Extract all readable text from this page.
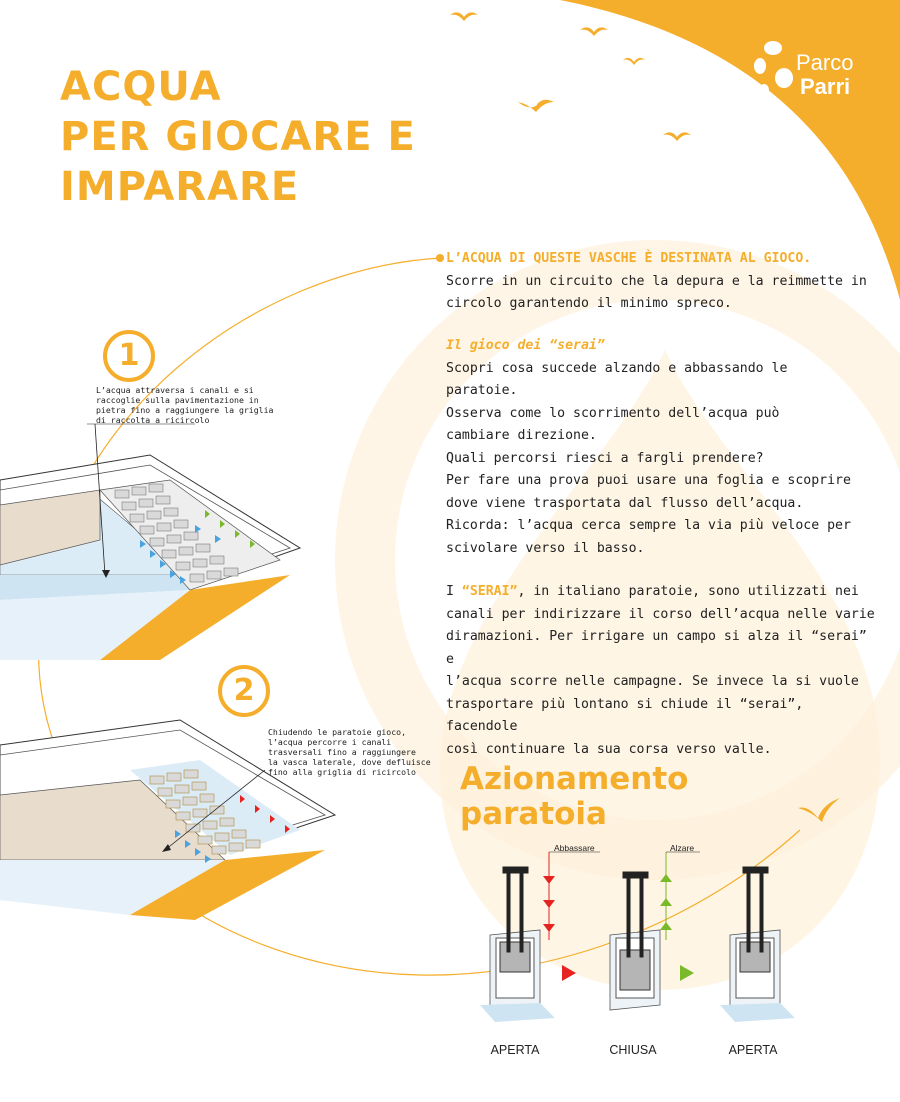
ACQUA
PER GIOCARE E
IMPARARE
Parco
Parri
L’ACQUA DI QUESTE VASCHE È DESTINATA AL GIOCO.
Scorre in un circuito che la depura e la reimmette in
circolo garantendo il minimo spreco.
Il gioco dei “serai”
Scopri cosa succede alzando e abbassando le
paratoie.
Osserva come lo scorrimento dell’acqua può
cambiare direzione.
Quali percorsi riesci a fargli prendere?
Per fare una prova puoi usare una foglia e scoprire
dove viene trasportata dal flusso dell’acqua.
Ricorda: l’acqua cerca sempre la via più veloce per
scivolare verso il basso.
I “SERAI”, in italiano paratoie, sono utilizzati nei
canali per indirizzare il corso dell’acqua nelle varie
diramazioni. Per irrigare un campo si alza il “serai” e
l’acqua scorre nelle campagne. Se invece la si vuole
trasportare più lontano si chiude il “serai”, facendole
così continuare la sua corsa verso valle.
1
L’acqua attraversa i canali e si
raccoglie sulla pavimentazione in
pietra fino a raggiungere la griglia
di raccolta a ricircolo
2
Chiudendo le paratoie gioco,
l’acqua percorre i canali
trasversali fino a raggiungere
la vasca laterale, dove defluisce
fino alla griglia di ricircolo	Azionamento
paratoia
Abbassare	Alzare
APERTA	CHIUSA	APERTA
